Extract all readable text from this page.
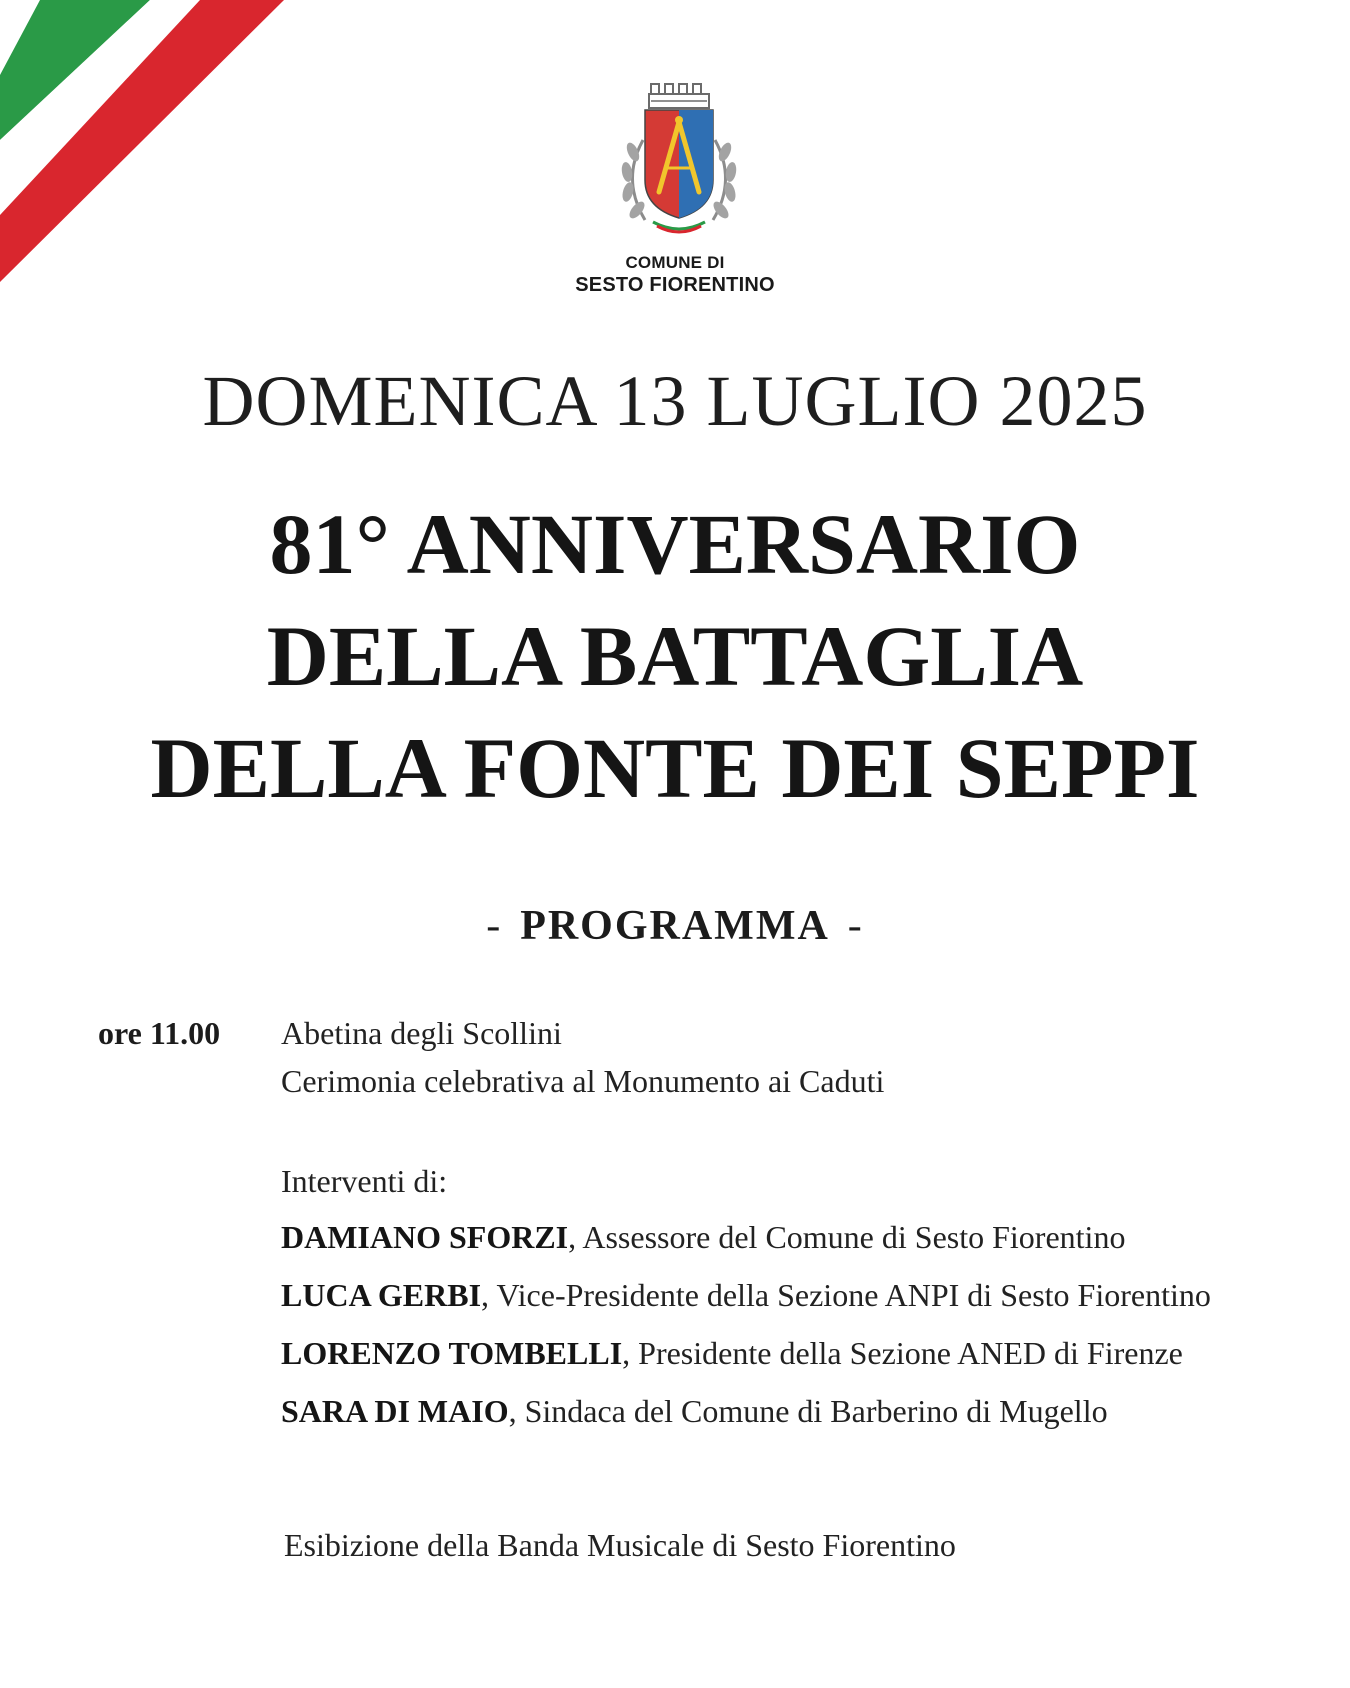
COMUNE DI
SESTO FIORENTINO
DOMENICA 13 LUGLIO 2025
81° ANNIVERSARIO
DELLA BATTAGLIA
DELLA FONTE DEI SEPPI
- PROGRAMMA -
ore 11.00 Abetina degli Scollini
Cerimonia celebrativa al Monumento ai Caduti
Interventi di:
DAMIANO SFORZI, Assessore del Comune di Sesto Fiorentino
LUCA GERBI, Vice-Presidente della Sezione ANPI di Sesto Fiorentino
LORENZO TOMBELLI, Presidente della Sezione ANED di Firenze
SARA DI MAIO, Sindaca del Comune di Barberino di Mugello
Esibizione della Banda Musicale di Sesto Fiorentino
